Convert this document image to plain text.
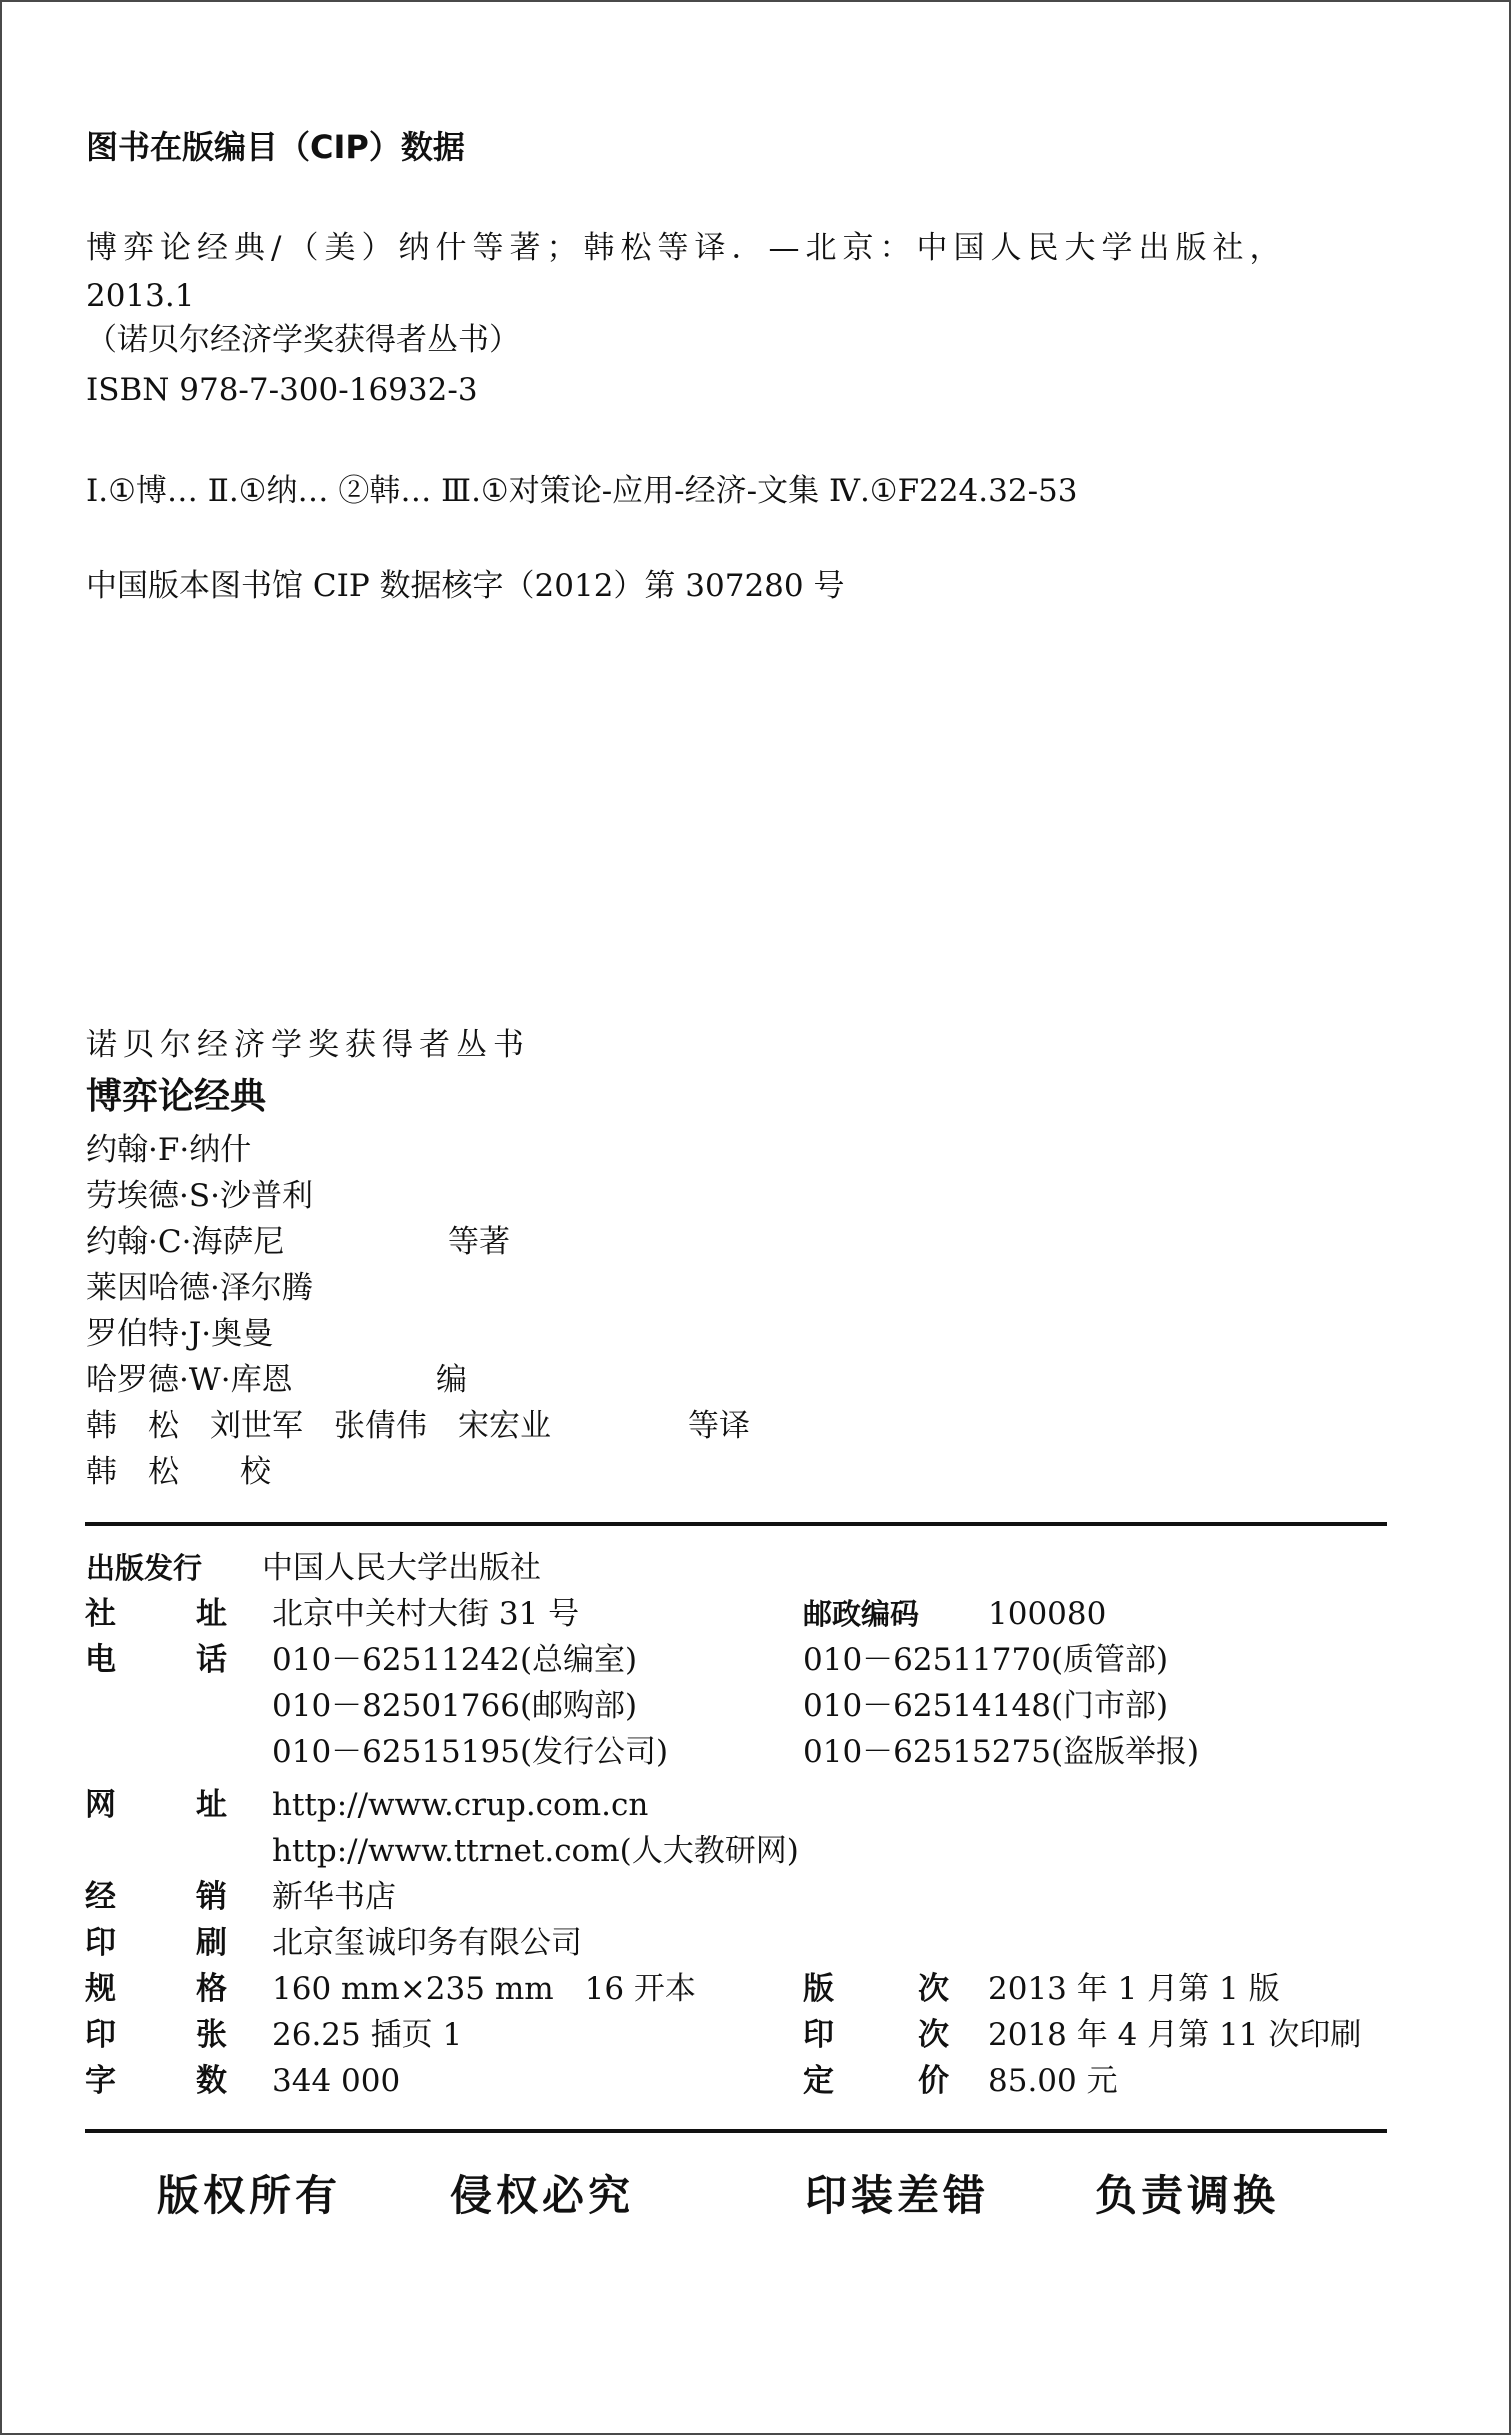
图书在版编目（CIP）数据
博弈论经典/（美）纳什等著；韩松等译．—北京：中国人民大学出版社，
2013.1
（诺贝尔经济学奖获得者丛书）
ISBN 978-7-300-16932-3
Ⅰ.①博… Ⅱ.①纳… ②韩… Ⅲ.①对策论-应用-经济-文集 Ⅳ.①F224.32-53
中国版本图书馆 CIP 数据核字（2012）第 307280 号
诺贝尔经济学奖获得者丛书
博弈论经典
约翰·F·纳什
劳埃德·S·沙普利
约翰·C·海萨尼	等著
莱因哈德·泽尔腾
罗伯特·J·奥曼
哈罗德·W·库恩	编
韩　松　刘世军　张倩伟　宋宏业	等译
韩　松 校
出版发行 中国人民大学出版社
社	址 北京中关村大街 31 号	邮政编码 100080
电	话 010－62511242(总编室)	010－62511770(质管部)
010－82501766(邮购部)	010－62514148(门市部)
010－62515195(发行公司)	010－62515275(盗版举报)
网	址 http://www.crup.com.cn
http://www.ttrnet.com(人大教研网)
经	销 新华书店
印	刷 北京玺诚印务有限公司
规	格 160 mm×235 mm　16 开本	版	次 2013 年 1 月第 1 版
印	张 26.25 插页 1	印	次 2018 年 4 月第 11 次印刷
字	数 344 000	定	价 85.00 元
版权所有	侵权必究	印装差错	负责调换
